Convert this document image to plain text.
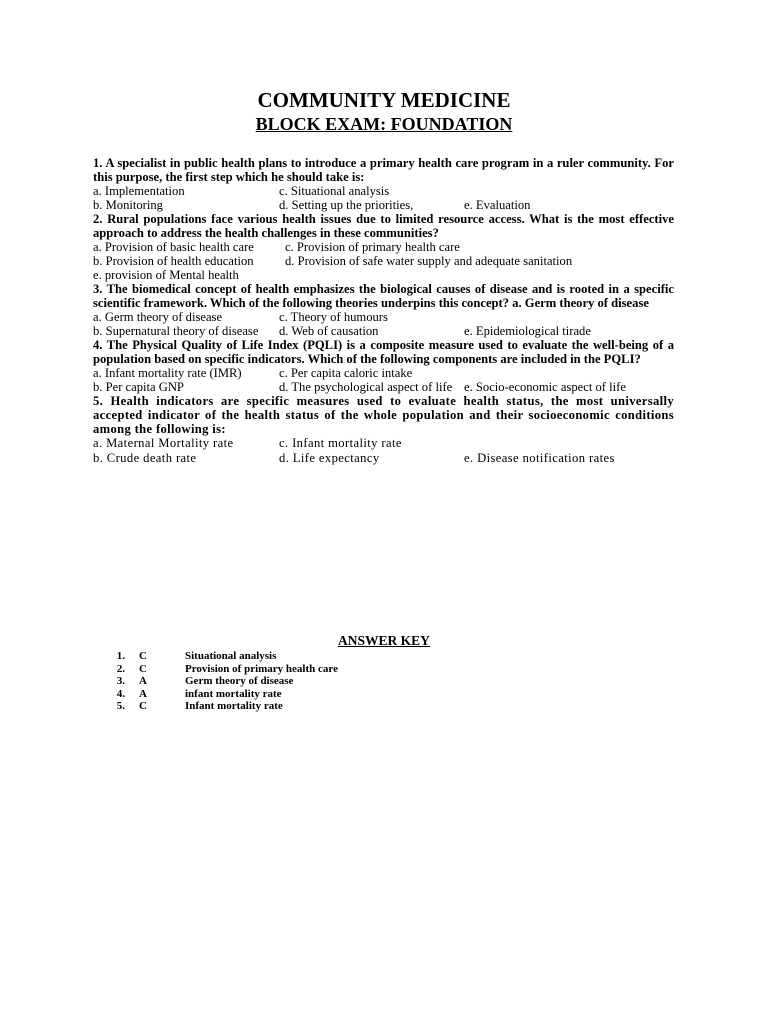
COMMUNITY MEDICINE
BLOCK EXAM: FOUNDATION
1. A specialist in public health plans to introduce a primary health care program in a ruler community. For this purpose, the first step which he should take is:
a. Implementation	c. Situational analysis
b. Monitoring	d. Setting up the priorities,	e. Evaluation
2. Rural populations face various health issues due to limited resource access. What is the most effective approach to address the health challenges in these communities?
a. Provision of basic health care c. Provision of primary health care
b. Provision of health education d. Provision of safe water supply and adequate sanitation
e. provision of Mental health
3. The biomedical concept of health emphasizes the biological causes of disease and is rooted in a specific scientific framework. Which of the following theories underpins this concept? a. Germ theory of disease
a. Germ theory of disease	c. Theory of humours
b. Supernatural theory of disease d. Web of causation	e. Epidemiological tirade
4. The Physical Quality of Life Index (PQLI) is a composite measure used to evaluate the well-being of a population based on specific indicators. Which of the following components are included in the PQLI?
a. Infant mortality rate (IMR)	c. Per capita caloric intake
b. Per capita GNP	d. The psychological aspect of life e. Socio-economic aspect of life
5. Health indicators are specific measures used to evaluate health status, the most universally accepted indicator of the health status of the whole population and their socioeconomic conditions among the following is:
a. Maternal Mortality rate	c. Infant mortality rate
b. Crude death rate	d. Life expectancy	e. Disease notification rates
ANSWER KEY
1. C	Situational analysis
2. C	Provision of primary health care
3. A	Germ theory of disease
4. A	infant mortality rate
5. C	Infant mortality rate
